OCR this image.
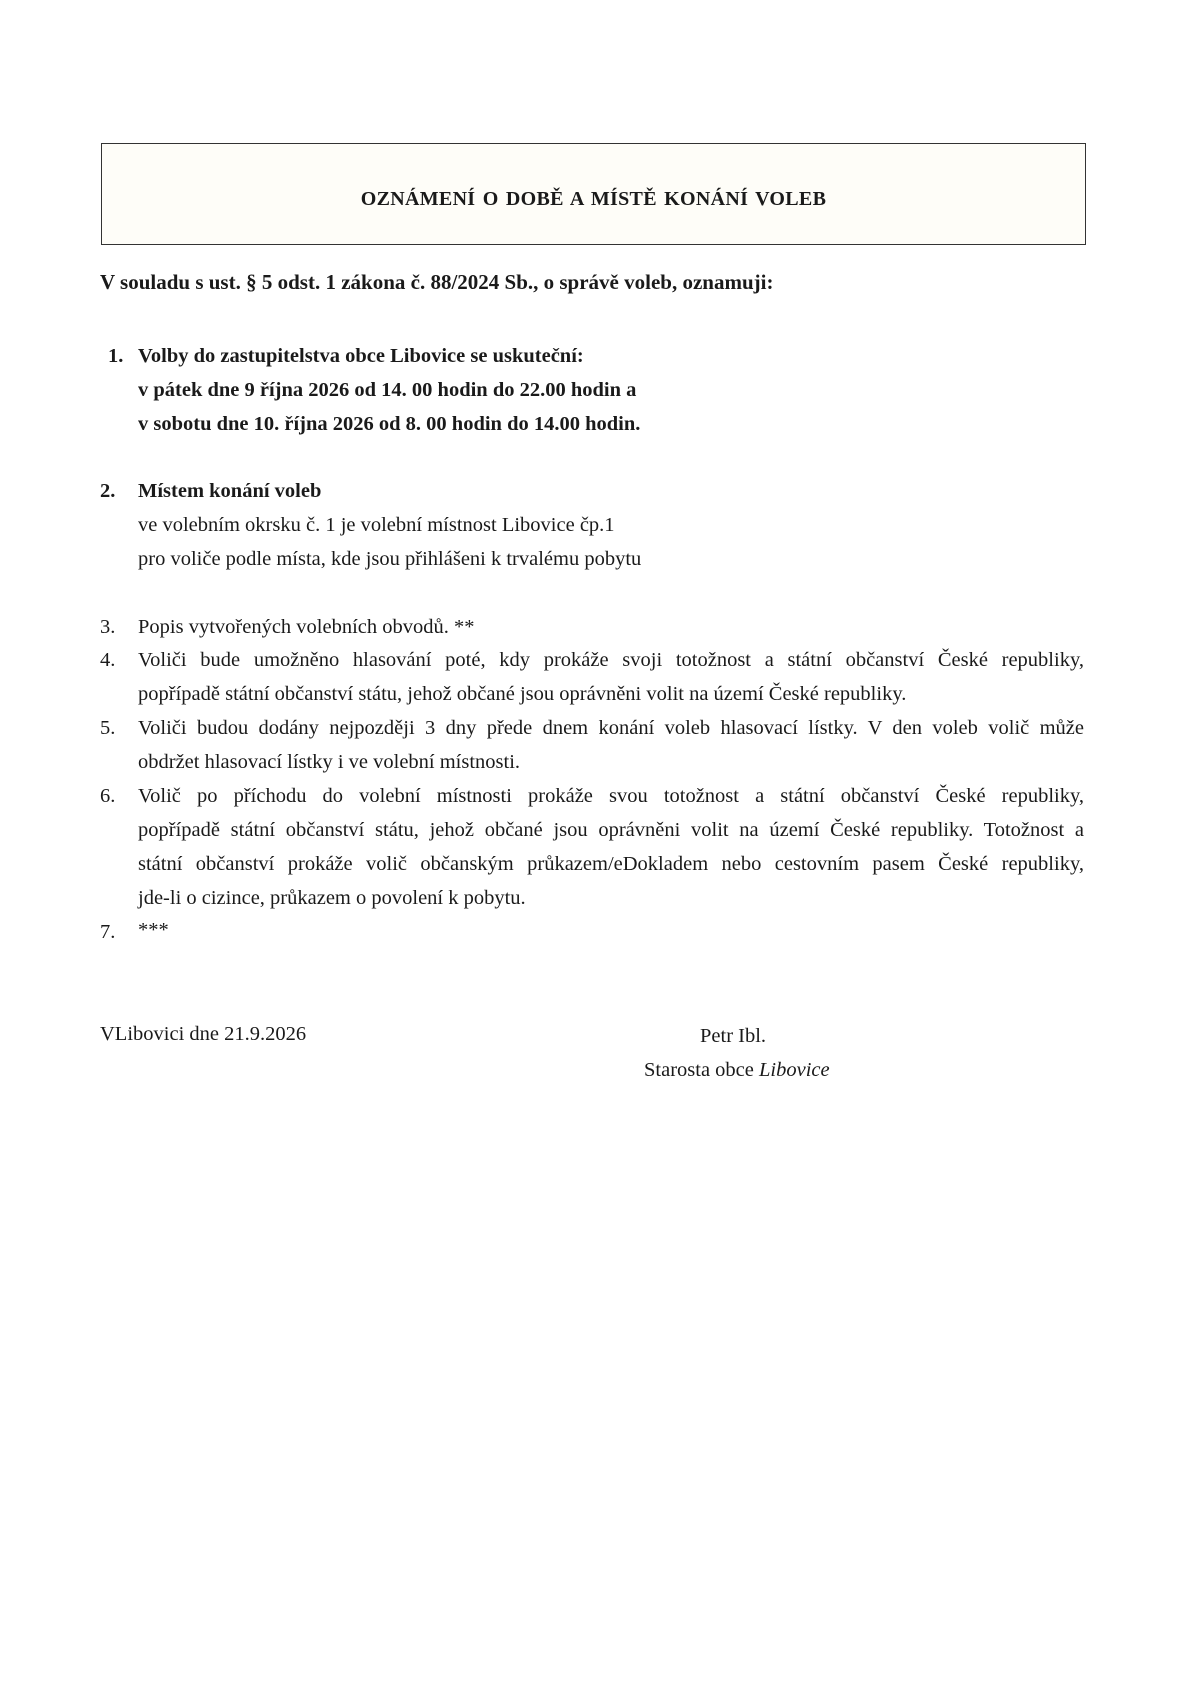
OZNÁMENÍ O DOBĚ A MÍSTĚ KONÁNÍ VOLEB
V souladu s ust. § 5 odst. 1 zákona č. 88/2024 Sb., o správě voleb, oznamuji:
1. Volby do zastupitelstva obce Libovice se uskuteční:
v pátek dne 9 října 2026 od 14. 00 hodin do 22.00 hodin a
v sobotu dne 10. října 2026 od 8. 00 hodin do 14.00 hodin.
2. Místem konání voleb
ve volebním okrsku č. 1 je volební místnost Libovice čp.1
pro voliče podle místa, kde jsou přihlášeni k trvalému pobytu
3. Popis vytvořených volebních obvodů. **
4. Voliči bude umožněno hlasování poté, kdy prokáže svoji totožnost a státní občanství České republiky,
popřípadě státní občanství státu, jehož občané jsou oprávněni volit na území České republiky.
5. Voliči budou dodány nejpozději 3 dny přede dnem konání voleb hlasovací lístky. V den voleb volič může
obdržet hlasovací lístky i ve volební místnosti.
6. Volič po příchodu do volební místnosti prokáže svou totožnost a státní občanství České republiky,
popřípadě státní občanství státu, jehož občané jsou oprávněni volit na území České republiky. Totožnost a
státní občanství prokáže volič občanským průkazem/eDokladem nebo cestovním pasem České republiky,
jde-li o cizince, průkazem o povolení k pobytu.
7. ***
VLibovici dne 21.9.2026	Petr Ibl.
Starosta obce Libovice
